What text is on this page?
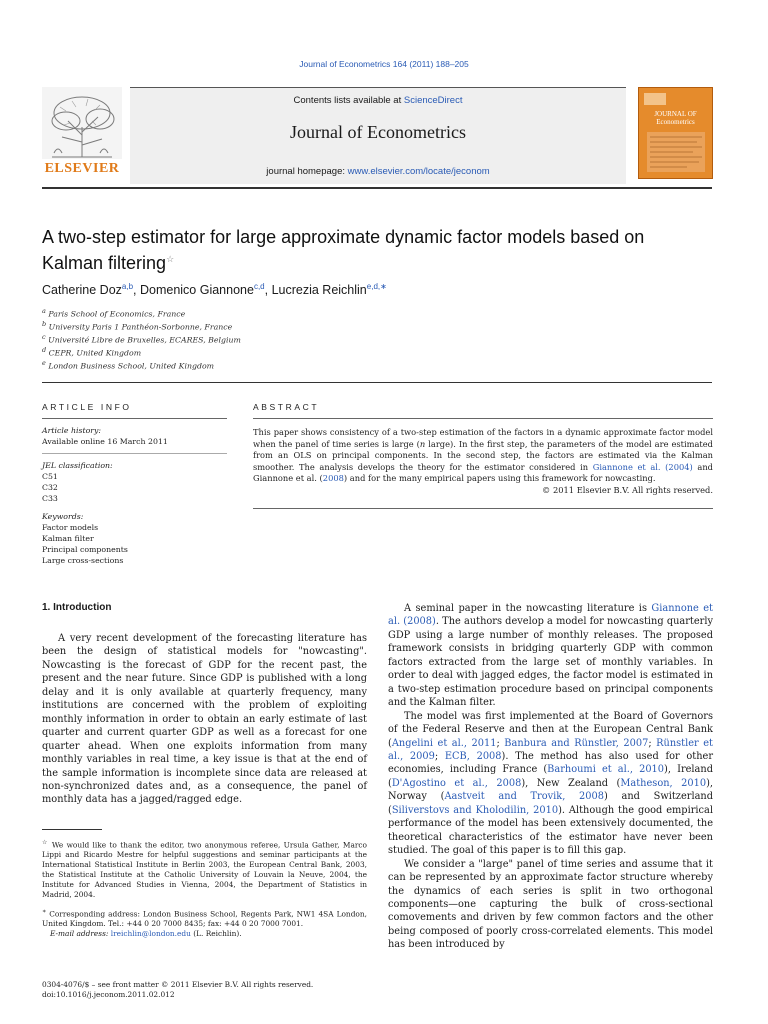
Journal of Econometrics 164 (2011) 188–205
ELSEVIER
Contents lists available at ScienceDirect
Journal of Econometrics
journal homepage: www.elsevier.com/locate/jeconom
JOURNAL OF Econometrics
A two-step estimator for large approximate dynamic factor models based on Kalman filtering☆
Catherine Doz$^{a,b}$, Domenico Giannone$^{c,d}$, Lucrezia Reichlin$^{e,d,∗}$
$^a$ Paris School of Economics, France
$^b$ University Paris 1 Panthéon-Sorbonne, France
$^c$ Université Libre de Bruxelles, ECARES, Belgium
$^d$ CEPR, United Kingdom
$^e$ London Business School, United Kingdom
ARTICLE INFO
Article history:
Available online 16 March 2011
JEL classification:
C51
C32
C33
Keywords:
Factor models
Kalman filter
Principal components
Large cross-sections
ABSTRACT
This paper shows consistency of a two-step estimation of the factors in a dynamic approximate factor model when the panel of time series is large (n large). In the first step, the parameters of the model are estimated from an OLS on principal components. In the second step, the factors are estimated via the Kalman smoother. The analysis develops the theory for the estimator considered in Giannone et al. (2004) and Giannone et al. (2008) and for the many empirical papers using this framework for nowcasting.
© 2011 Elsevier B.V. All rights reserved.
1. Introduction

A very recent development of the forecasting literature has been the design of statistical models for "nowcasting". Nowcasting is the forecast of GDP for the recent past, the present and the near future. Since GDP is published with a long delay and it is only available at quarterly frequency, many institutions are concerned with the problem of exploiting monthly information in order to obtain an early estimate of last quarter and current quarter GDP as well as a forecast for one quarter ahead. When one exploits information from many monthly variables in real time, a key issue is that at the end of the sample information is incomplete since data are released at non-synchronized dates and, as a consequence, the panel of monthly data has a jagged/ragged edge.

A seminal paper in the nowcasting literature is Giannone et al. (2008). The authors develop a model for nowcasting quarterly GDP using a large number of monthly releases. The proposed framework consists in bridging quarterly GDP with common factors extracted from the large set of monthly variables. In order to deal with jagged edges, the factor model is estimated in a two-step estimation procedure based on principal components and the Kalman filter.

The model was first implemented at the Board of Governors of the Federal Reserve and then at the European Central Bank (Angelini et al., 2011; Banbura and Rünstler, 2007; Rünstler et al., 2009; ECB, 2008). The method has also used for other economies, including France (Barhoumi et al., 2010), Ireland (D'Agostino et al., 2008), New Zealand (Matheson, 2010), Norway (Aastveit and Trovik, 2008) and Switzerland (Siliverstovs and Kholodilin, 2010). Although the good empirical performance of the model has been extensively documented, the theoretical characteristics of the estimator have never been studied. The goal of this paper is to fill this gap.

We consider a "large" panel of time series and assume that it can be represented by an approximate factor structure whereby the dynamics of each series is split in two orthogonal components—one capturing the bulk of cross-sectional comovements and driven by few common factors and the other being composed of poorly cross-correlated elements. This model has been introduced by

☆ We would like to thank the editor, two anonymous referee, Ursula Gather, Marco Lippi and Ricardo Mestre for helpful suggestions and seminar participants at the International Statistical Institute in Berlin 2003, the European Central Bank, 2003, the Statistical Institute at the Catholic University of Louvain la Neuve, 2004, the Institute for Advanced Studies in Vienna, 2004, the Department of Statistics in Madrid, 2004.
∗ Corresponding address: London Business School, Regents Park, NW1 4SA London, United Kingdom. Tel.: +44 0 20 7000 8435; fax: +44 0 20 7000 7001.
E-mail address: lreichlin@london.edu (L. Reichlin).
0304-4076/$ – see front matter © 2011 Elsevier B.V. All rights reserved.
doi:10.1016/j.jeconom.2011.02.012
